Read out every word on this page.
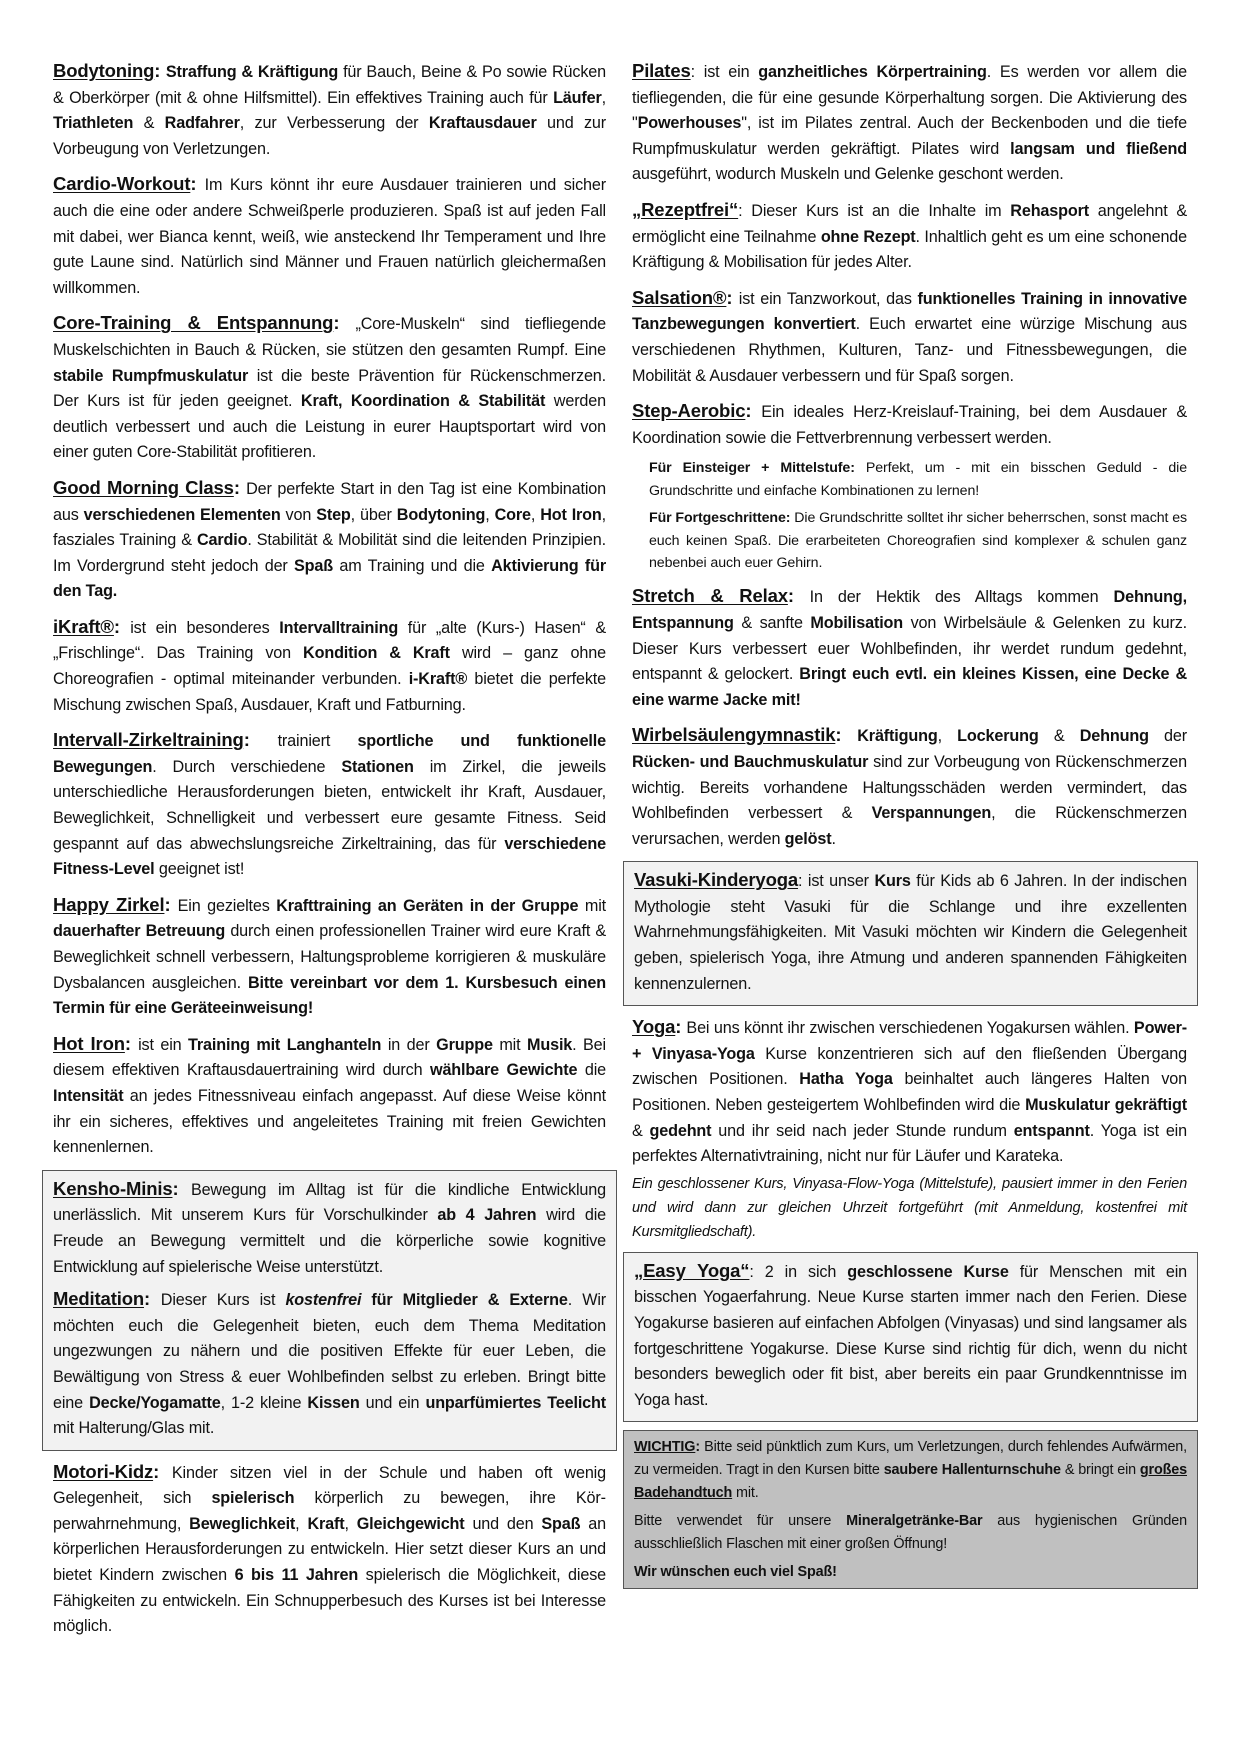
Bodytoning: Straffung & Kräftigung für Bauch, Beine & Po sowie Rücken & Oberkörper (mit & ohne Hilfsmittel). Ein effektives Training auch für Läufer, Triathleten & Radfahrer, zur Verbesserung der Kraftausdauer und zur Vorbeugung von Verletzungen.

Cardio-Workout: Im Kurs könnt ihr eure Ausdauer trainieren und sicher auch die eine oder andere Schweißperle produzieren. Spaß ist auf jeden Fall mit dabei, wer Bianca kennt, weiß, wie ansteckend Ihr Temperament und Ihre gute Laune sind. Natürlich sind Männer und Frauen natürlich gleichermaßen willkommen.

Core-Training & Entspannung: „Core-Muskeln“ sind tiefliegende Muskelschichten in Bauch & Rücken, sie stützen den gesamten Rumpf. Eine stabile Rumpfmuskulatur ist die beste Prävention für Rückenschmerzen. Der Kurs ist für jeden geeignet. Kraft, Koordination & Stabilität werden deutlich verbessert und auch die Leistung in eurer Hauptsportart wird von einer guten Core-Stabilität profitieren.

Good Morning Class: Der perfekte Start in den Tag ist eine Kombination aus verschiedenen Elementen von Step, über Bodytoning, Core, Hot Iron, fasziales Training & Cardio. Stabilität & Mobilität sind die leitenden Prinzipien. Im Vordergrund steht jedoch der Spaß am Training und die Aktivierung für den Tag.

iKraft®: ist ein besonderes Intervalltraining für „alte (Kurs-) Hasen“ & „Frischlinge“. Das Training von Kondition & Kraft wird – ganz ohne Choreografien - optimal miteinander verbunden. i-Kraft® bietet die perfekte Mischung zwischen Spaß, Ausdauer, Kraft und Fatburning.

Intervall-Zirkeltraining: trainiert sportliche und funktionelle Bewegungen. Durch verschiedene Stationen im Zirkel, die jeweils unterschiedliche Herausforderungen bieten, entwickelt ihr Kraft, Ausdauer, Beweglichkeit, Schnelligkeit und verbessert eure gesamte Fitness. Seid gespannt auf das abwechslungsreiche Zirkeltraining, das für verschiedene Fitness-Level geeignet ist!

Happy Zirkel: Ein gezieltes Krafttraining an Geräten in der Gruppe mit dauerhafter Betreuung durch einen professionellen Trainer wird eure Kraft & Beweglichkeit schnell verbessern, Haltungsprobleme korrigieren & muskuläre Dysbalancen ausgleichen. Bitte vereinbart vor dem 1. Kursbesuch einen Termin für eine Geräteeinweisung!

Hot Iron: ist ein Training mit Langhanteln in der Gruppe mit Musik. Bei diesem effektiven Kraftausdauertraining wird durch wählbare Gewichte die Intensität an jedes Fitnessniveau einfach angepasst. Auf diese Weise könnt ihr ein sicheres, effektives und angeleitetes Training mit freien Gewichten kennenlernen.

Kensho-Minis: Bewegung im Alltag ist für die kindliche Entwicklung unerlässlich. Mit unserem Kurs für Vorschulkinder ab 4 Jahren wird die Freude an Bewegung vermittelt und die körperliche sowie kognitive Entwicklung auf spielerische Weise unterstützt.

Meditation: Dieser Kurs ist kostenfrei für Mitglieder & Externe. Wir möchten euch die Gelegenheit bieten, euch dem Thema Meditation ungezwungen zu nähern und die positiven Effekte für euer Leben, die Bewältigung von Stress & euer Wohlbefinden selbst zu erleben. Bringt bitte eine Decke/Yogamatte, 1-2 kleine Kissen und ein unparfümiertes Teelicht mit Halterung/Glas mit.

Motori-Kidz: Kinder sitzen viel in der Schule und haben oft wenig Gelegenheit, sich spielerisch körperlich zu bewegen, ihre Körperwahrnehmung, Beweglichkeit, Kraft, Gleichgewicht und den Spaß an körperlichen Herausforderungen zu entwickeln. Hier setzt dieser Kurs an und bietet Kindern zwischen 6 bis 11 Jahren spielerisch die Möglichkeit, diese Fähigkeiten zu entwickeln. Ein Schnupperbesuch des Kurses ist bei Interesse möglich.

Pilates: ist ein ganzheitliches Körpertraining. Es werden vor allem die tiefliegenden, die für eine gesunde Körperhaltung sorgen. Die Aktivierung des "Powerhouses", ist im Pilates zentral. Auch der Beckenboden und die tiefe Rumpfmuskulatur werden gekräftigt. Pilates wird langsam und fließend ausgeführt, wodurch Muskeln und Gelenke geschont werden.

„Rezeptfrei“: Dieser Kurs ist an die Inhalte im Rehasport angelehnt & ermöglicht eine Teilnahme ohne Rezept. Inhaltlich geht es um eine schonende Kräftigung & Mobilisation für jedes Alter.

Salsation®: ist ein Tanzworkout, das funktionelles Training in innovative Tanzbewegungen konvertiert. Euch erwartet eine würzige Mischung aus verschiedenen Rhythmen, Kulturen, Tanz- und Fitnessbewegungen, die Mobilität & Ausdauer verbessern und für Spaß sorgen.

Step-Aerobic: Ein ideales Herz-Kreislauf-Training, bei dem Ausdauer & Koordination sowie die Fettverbrennung verbessert werden.

Für Einsteiger + Mittelstufe: Perfekt, um - mit ein bisschen Geduld - die Grundschritte und einfache Kombinationen zu lernen!

Für Fortgeschrittene: Die Grundschritte solltet ihr sicher beherrschen, sonst macht es euch keinen Spaß. Die erarbeiteten Choreografien sind komplexer & schulen ganz nebenbei auch euer Gehirn.

Stretch & Relax: In der Hektik des Alltags kommen Dehnung, Entspannung & sanfte Mobilisation von Wirbelsäule & Gelenken zu kurz. Dieser Kurs verbessert euer Wohlbefinden, ihr werdet rundum gedehnt, entspannt & gelockert. Bringt euch evtl. ein kleines Kissen, eine Decke & eine warme Jacke mit!

Wirbelsäulengymnastik: Kräftigung, Lockerung & Dehnung der Rücken- und Bauchmuskulatur sind zur Vorbeugung von Rückenschmerzen wichtig. Bereits vorhandene Haltungsschäden werden vermindert, das Wohlbefinden verbessert & Verspannungen, die Rückenschmerzen verursachen, werden gelöst.

Vasuki-Kinderyoga: ist unser Kurs für Kids ab 6 Jahren. In der indischen Mythologie steht Vasuki für die Schlange und ihre exzellenten Wahrnehmungsfähigkeiten. Mit Vasuki möchten wir Kindern die Gelegenheit geben, spielerisch Yoga, ihre Atmung und anderen spannenden Fähigkeiten kennenzulernen.

Yoga: Bei uns könnt ihr zwischen verschiedenen Yogakursen wählen. Power- + Vinyasa-Yoga Kurse konzentrieren sich auf den fließenden Übergang zwischen Positionen. Hatha Yoga beinhaltet auch längeres Halten von Positionen. Neben gesteigertem Wohlbefinden wird die Muskulatur gekräftigt & gedehnt und ihr seid nach jeder Stunde rundum entspannt. Yoga ist ein perfektes Alternativtraining, nicht nur für Läufer und Karateka.

Ein geschlossener Kurs, Vinyasa-Flow-Yoga (Mittelstufe), pausiert immer in den Ferien und wird dann zur gleichen Uhrzeit fortgeführt (mit Anmeldung, kostenfrei mit Kursmitgliedschaft).

„Easy Yoga“: 2 in sich geschlossene Kurse für Menschen mit ein bisschen Yogaerfahrung. Neue Kurse starten immer nach den Ferien. Diese Yogakurse basieren auf einfachen Abfolgen (Vinyasas) und sind langsamer als fortgeschrittene Yogakurse. Diese Kurse sind richtig für dich, wenn du nicht besonders beweglich oder fit bist, aber bereits ein paar Grundkenntnisse im Yoga hast.

WICHTIG: Bitte seid pünktlich zum Kurs, um Verletzungen, durch fehlendes Aufwärmen, zu vermeiden. Tragt in den Kursen bitte saubere Hallenturnschuhe & bringt ein großes Badehandtuch mit.

Bitte verwendet für unsere Mineralgetränke-Bar aus hygienischen Gründen ausschließlich Flaschen mit einer großen Öffnung!

Wir wünschen euch viel Spaß!
